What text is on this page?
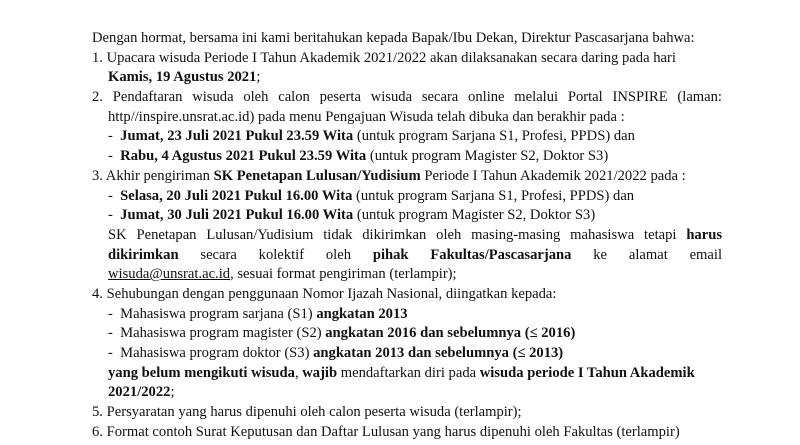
Dengan hormat, bersama ini kami beritahukan kepada Bapak/Ibu Dekan, Direktur Pascasarjana bahwa:
1. Upacara wisuda Periode I Tahun Akademik 2021/2022 akan dilaksanakan secara daring pada hari
Kamis, 19 Agustus 2021;
2. Pendaftaran wisuda oleh calon peserta wisuda secara online melalui Portal INSPIRE (laman:
http//inspire.unsrat.ac.id) pada menu Pengajuan Wisuda telah dibuka dan berakhir pada :
- Jumat, 23 Juli 2021 Pukul 23.59 Wita (untuk program Sarjana S1, Profesi, PPDS) dan
- Rabu, 4 Agustus 2021 Pukul 23.59 Wita (untuk program Magister S2, Doktor S3)
3. Akhir pengiriman SK Penetapan Lulusan/Yudisium Periode I Tahun Akademik 2021/2022 pada :
- Selasa, 20 Juli 2021 Pukul 16.00 Wita (untuk program Sarjana S1, Profesi, PPDS) dan
- Jumat, 30 Juli 2021 Pukul 16.00 Wita (untuk program Magister S2, Doktor S3)
SK Penetapan Lulusan/Yudisium tidak dikirimkan oleh masing-masing mahasiswa tetapi harus
dikirimkan secara kolektif oleh pihak Fakultas/Pascasarjana ke alamat email
wisuda@unsrat.ac.id, sesuai format pengiriman (terlampir);
4. Sehubungan dengan penggunaan Nomor Ijazah Nasional, diingatkan kepada:
- Mahasiswa program sarjana (S1) angkatan 2013
- Mahasiswa program magister (S2) angkatan 2016 dan sebelumnya (≤ 2016)
- Mahasiswa program doktor (S3) angkatan 2013 dan sebelumnya (≤ 2013)
yang belum mengikuti wisuda, wajib mendaftarkan diri pada wisuda periode I Tahun Akademik
2021/2022;
5. Persyaratan yang harus dipenuhi oleh calon peserta wisuda (terlampir);
6. Format contoh Surat Keputusan dan Daftar Lulusan yang harus dipenuhi oleh Fakultas (terlampir)
